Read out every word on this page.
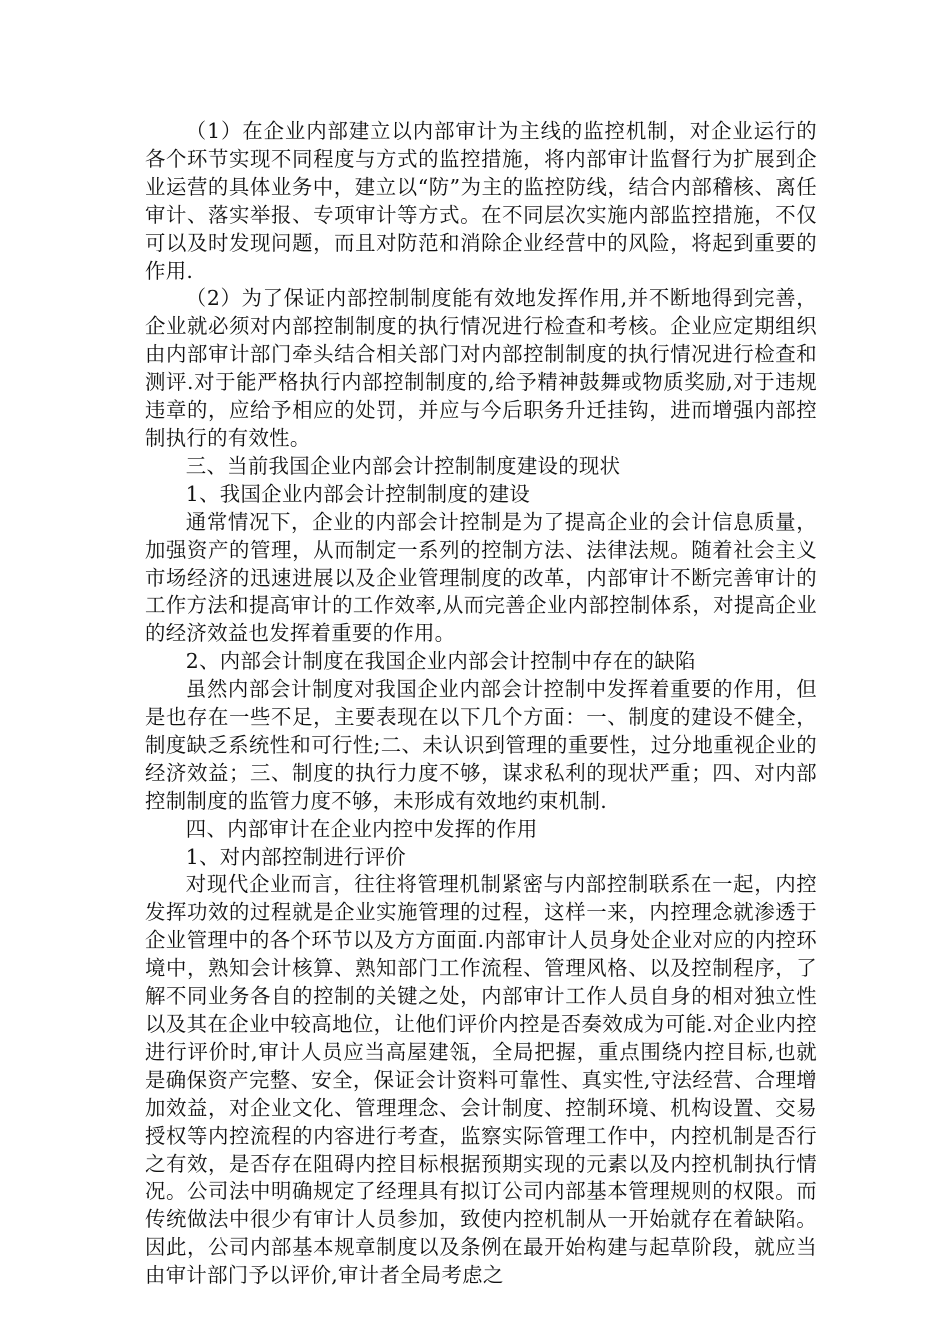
（1）在企业内部建立以内部审计为主线的监控机制，对企业运行的各个环节实现不同程度与方式的监控措施，将内部审计监督行为扩展到企业运营的具体业务中，建立以“防”为主的监控防线，结合内部稽核、离任审计、落实举报、专项审计等方式。在不同层次实施内部监控措施，不仅可以及时发现问题，而且对防范和消除企业经营中的风险，将起到重要的作用.

（2）为了保证内部控制制度能有效地发挥作用,并不断地得到完善，企业就必须对内部控制制度的执行情况进行检查和考核。企业应定期组织由内部审计部门牵头结合相关部门对内部控制制度的执行情况进行检查和测评.对于能严格执行内部控制制度的,给予精神鼓舞或物质奖励,对于违规违章的，应给予相应的处罚，并应与今后职务升迁挂钩，进而增强内部控制执行的有效性。

三、当前我国企业内部会计控制制度建设的现状

1、我国企业内部会计控制制度的建设

通常情况下，企业的内部会计控制是为了提高企业的会计信息质量，加强资产的管理，从而制定一系列的控制方法、法律法规。随着社会主义市场经济的迅速进展以及企业管理制度的改革，内部审计不断完善审计的工作方法和提高审计的工作效率,从而完善企业内部控制体系，对提高企业的经济效益也发挥着重要的作用。

2、内部会计制度在我国企业内部会计控制中存在的缺陷

虽然内部会计制度对我国企业内部会计控制中发挥着重要的作用，但是也存在一些不足，主要表现在以下几个方面：一、制度的建设不健全，制度缺乏系统性和可行性;二、未认识到管理的重要性，过分地重视企业的经济效益；三、制度的执行力度不够，谋求私利的现状严重；四、对内部控制制度的监管力度不够，未形成有效地约束机制.

四、内部审计在企业内控中发挥的作用

1、对内部控制进行评价

对现代企业而言，往往将管理机制紧密与内部控制联系在一起，内控发挥功效的过程就是企业实施管理的过程，这样一来，内控理念就渗透于企业管理中的各个环节以及方方面面.内部审计人员身处企业对应的内控环境中，熟知会计核算、熟知部门工作流程、管理风格、以及控制程序，了解不同业务各自的控制的关键之处，内部审计工作人员自身的相对独立性以及其在企业中较高地位，让他们评价内控是否奏效成为可能.对企业内控进行评价时,审计人员应当高屋建瓴，全局把握，重点围绕内控目标,也就是确保资产完整、安全，保证会计资料可靠性、真实性,守法经营、合理增加效益，对企业文化、管理理念、会计制度、控制环境、机构设置、交易授权等内控流程的内容进行考查，监察实际管理工作中，内控机制是否行之有效，是否存在阻碍内控目标根据预期实现的元素以及内控机制执行情况。公司法中明确规定了经理具有拟订公司内部基本管理规则的权限。而传统做法中很少有审计人员参加，致使内控机制从一开始就存在着缺陷。因此，公司内部基本规章制度以及条例在最开始构建与起草阶段，就应当由审计部门予以评价,审计者全局考虑之
